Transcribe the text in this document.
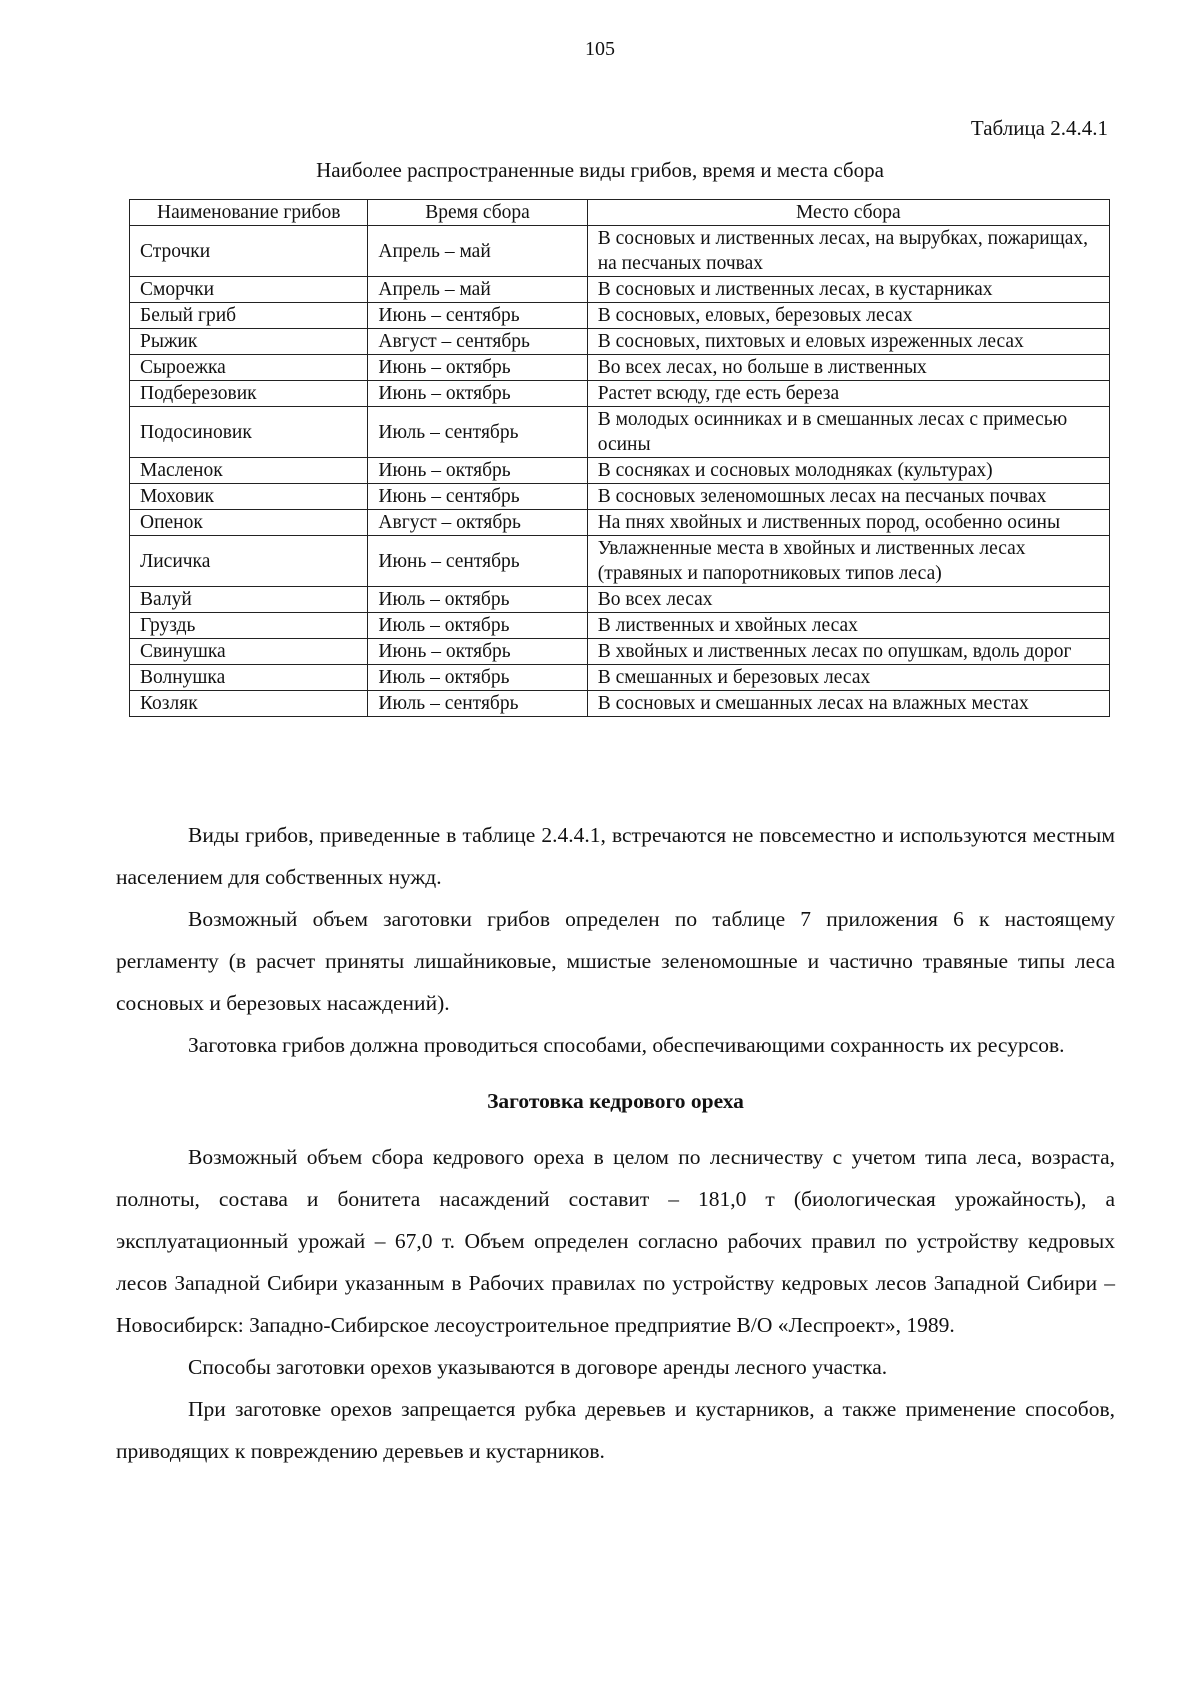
105
Таблица 2.4.4.1
Наиболее распространенные виды грибов, время и места сбора
Наименование грибов	Время сбора	Место сбора
Строчки	Апрель – май	В сосновых и лиственных лесах, на вырубках, пожарищах, на песчаных почвах
Сморчки	Апрель – май	В сосновых и лиственных лесах, в кустарниках
Белый гриб	Июнь – сентябрь	В сосновых, еловых, березовых лесах
Рыжик	Август – сентябрь	В сосновых, пихтовых и еловых изреженных лесах
Сыроежка	Июнь – октябрь	Во всех лесах, но больше в лиственных
Подберезовик	Июнь – октябрь	Растет всюду, где есть береза
Подосиновик	Июль – сентябрь	В молодых осинниках и в смешанных лесах с примесью осины
Масленок	Июнь – октябрь	В сосняках и сосновых молодняках (культурах)
Моховик	Июнь – сентябрь	В сосновых зеленомошных лесах на песчаных почвах
Опенок	Август – октябрь	На пнях хвойных и лиственных пород, особенно осины
Лисичка	Июнь – сентябрь	Увлажненные места в хвойных и лиственных лесах (травяных и папоротниковых типов леса)
Валуй	Июль – октябрь	Во всех лесах
Груздь	Июль – октябрь	В лиственных и хвойных лесах
Свинушка	Июнь – октябрь	В хвойных и лиственных лесах по опушкам, вдоль дорог
Волнушка	Июль – октябрь	В смешанных и березовых лесах
Козляк	Июль – сентябрь	В сосновых и смешанных лесах на влажных местах

Виды грибов, приведенные в таблице 2.4.4.1, встречаются не повсеместно и используются местным населением для собственных нужд.

Возможный объем заготовки грибов определен по таблице 7 приложения 6 к настоящему регламенту (в расчет приняты лишайниковые, мшистые зеленомошные и частично травяные типы леса сосновых и березовых насаждений).

Заготовка грибов должна проводиться способами, обеспечивающими сохранность их ресурсов.

Заготовка кедрового ореха

Возможный объем сбора кедрового ореха в целом по лесничеству с учетом типа леса, возраста, полноты, состава и бонитета насаждений составит – 181,0 т (биологическая урожайность), а эксплуатационный урожай – 67,0 т. Объем определен согласно рабочих правил по устройству кедровых лесов Западной Сибири указанным в Рабочих правилах по устройству кедровых лесов Западной Сибири – Новосибирск: Западно-Сибирское лесоустроительное предприятие В/О «Леспроект», 1989.

Способы заготовки орехов указываются в договоре аренды лесного участка.

При заготовке орехов запрещается рубка деревьев и кустарников, а также применение способов, приводящих к повреждению деревьев и кустарников.
